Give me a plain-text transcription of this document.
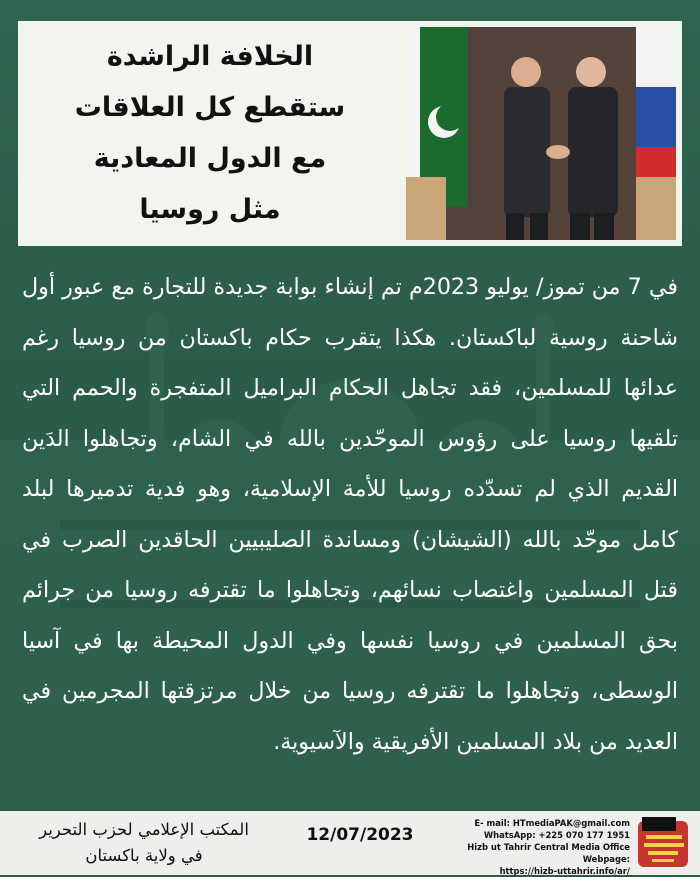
الخلافة الراشدة
ستقطع كل العلاقات
مع الدول المعادية
مثل روسيا
في 7 من تموز/ يوليو 2023م تم إنشاء بوابة جديدة للتجارة مع عبور أول شاحنة روسية لباكستان. هكذا يتقرب حكام باكستان من روسيا رغم عدائها للمسلمين، فقد تجاهل الحكام البراميل المتفجرة والحمم التي تلقيها روسيا على رؤوس الموحّدين بالله في الشام، وتجاهلوا الدَين القديم الذي لم تسدّده روسيا للأمة الإسلامية، وهو فدية تدميرها لبلد كامل موحّد بالله (الشيشان) ومساندة الصليبيين الحاقدين الصرب في قتل المسلمين واغتصاب نسائهم، وتجاهلوا ما تقترفه روسيا من جرائم بحق المسلمين في روسيا نفسها وفي الدول المحيطة بها في آسيا الوسطى، وتجاهلوا ما تقترفه روسيا من خلال مرتزقتها المجرمين في العديد من بلاد المسلمين الأفريقية والآسيوية.
المكتب الإعلامي لحزب التحرير
في ولاية باكستان
12/07/2023
E- mail: HTmediaPAK@gmail.com
WhatsApp: +225 070 177 1951
Hizb ut Tahrir Central Media Office Webpage:
https://hizb-uttahrir.info/ar/
